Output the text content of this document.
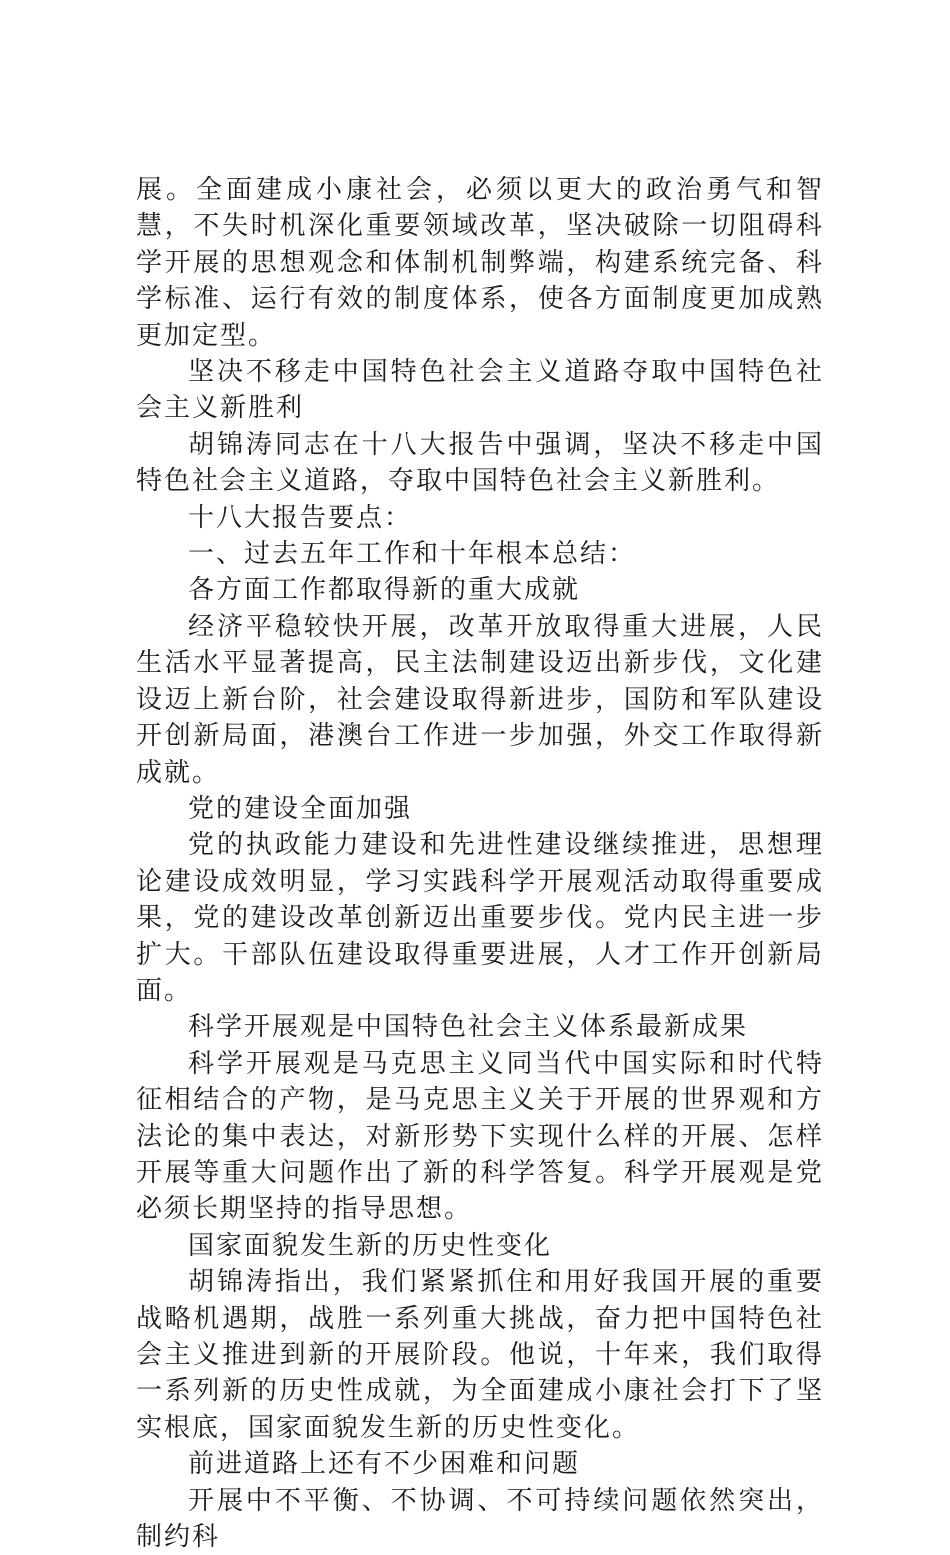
展。全面建成小康社会，必须以更大的政治勇气和智慧，不失时机深化重要领域改革，坚决破除一切阻碍科学开展的思想观念和体制机制弊端，构建系统完备、科学标准、运行有效的制度体系，使各方面制度更加成熟更加定型。

坚决不移走中国特色社会主义道路夺取中国特色社会主义新胜利

胡锦涛同志在十八大报告中强调，坚决不移走中国特色社会主义道路，夺取中国特色社会主义新胜利。

十八大报告要点：

一、过去五年工作和十年根本总结：

各方面工作都取得新的重大成就

经济平稳较快开展，改革开放取得重大进展，人民生活水平显著提高，民主法制建设迈出新步伐，文化建设迈上新台阶，社会建设取得新进步，国防和军队建设开创新局面，港澳台工作进一步加强，外交工作取得新成就。

党的建设全面加强

党的执政能力建设和先进性建设继续推进，思想理论建设成效明显，学习实践科学开展观活动取得重要成果，党的建设改革创新迈出重要步伐。党内民主进一步扩大。干部队伍建设取得重要进展，人才工作开创新局面。

科学开展观是中国特色社会主义体系最新成果

科学开展观是马克思主义同当代中国实际和时代特征相结合的产物，是马克思主义关于开展的世界观和方法论的集中表达，对新形势下实现什么样的开展、怎样开展等重大问题作出了新的科学答复。科学开展观是党必须长期坚持的指导思想。

国家面貌发生新的历史性变化

胡锦涛指出，我们紧紧抓住和用好我国开展的重要战略机遇期，战胜一系列重大挑战，奋力把中国特色社会主义推进到新的开展阶段。他说，十年来，我们取得一系列新的历史性成就，为全面建成小康社会打下了坚实根底，国家面貌发生新的历史性变化。

前进道路上还有不少困难和问题

开展中不平衡、不协调、不可持续问题依然突出，制约科
